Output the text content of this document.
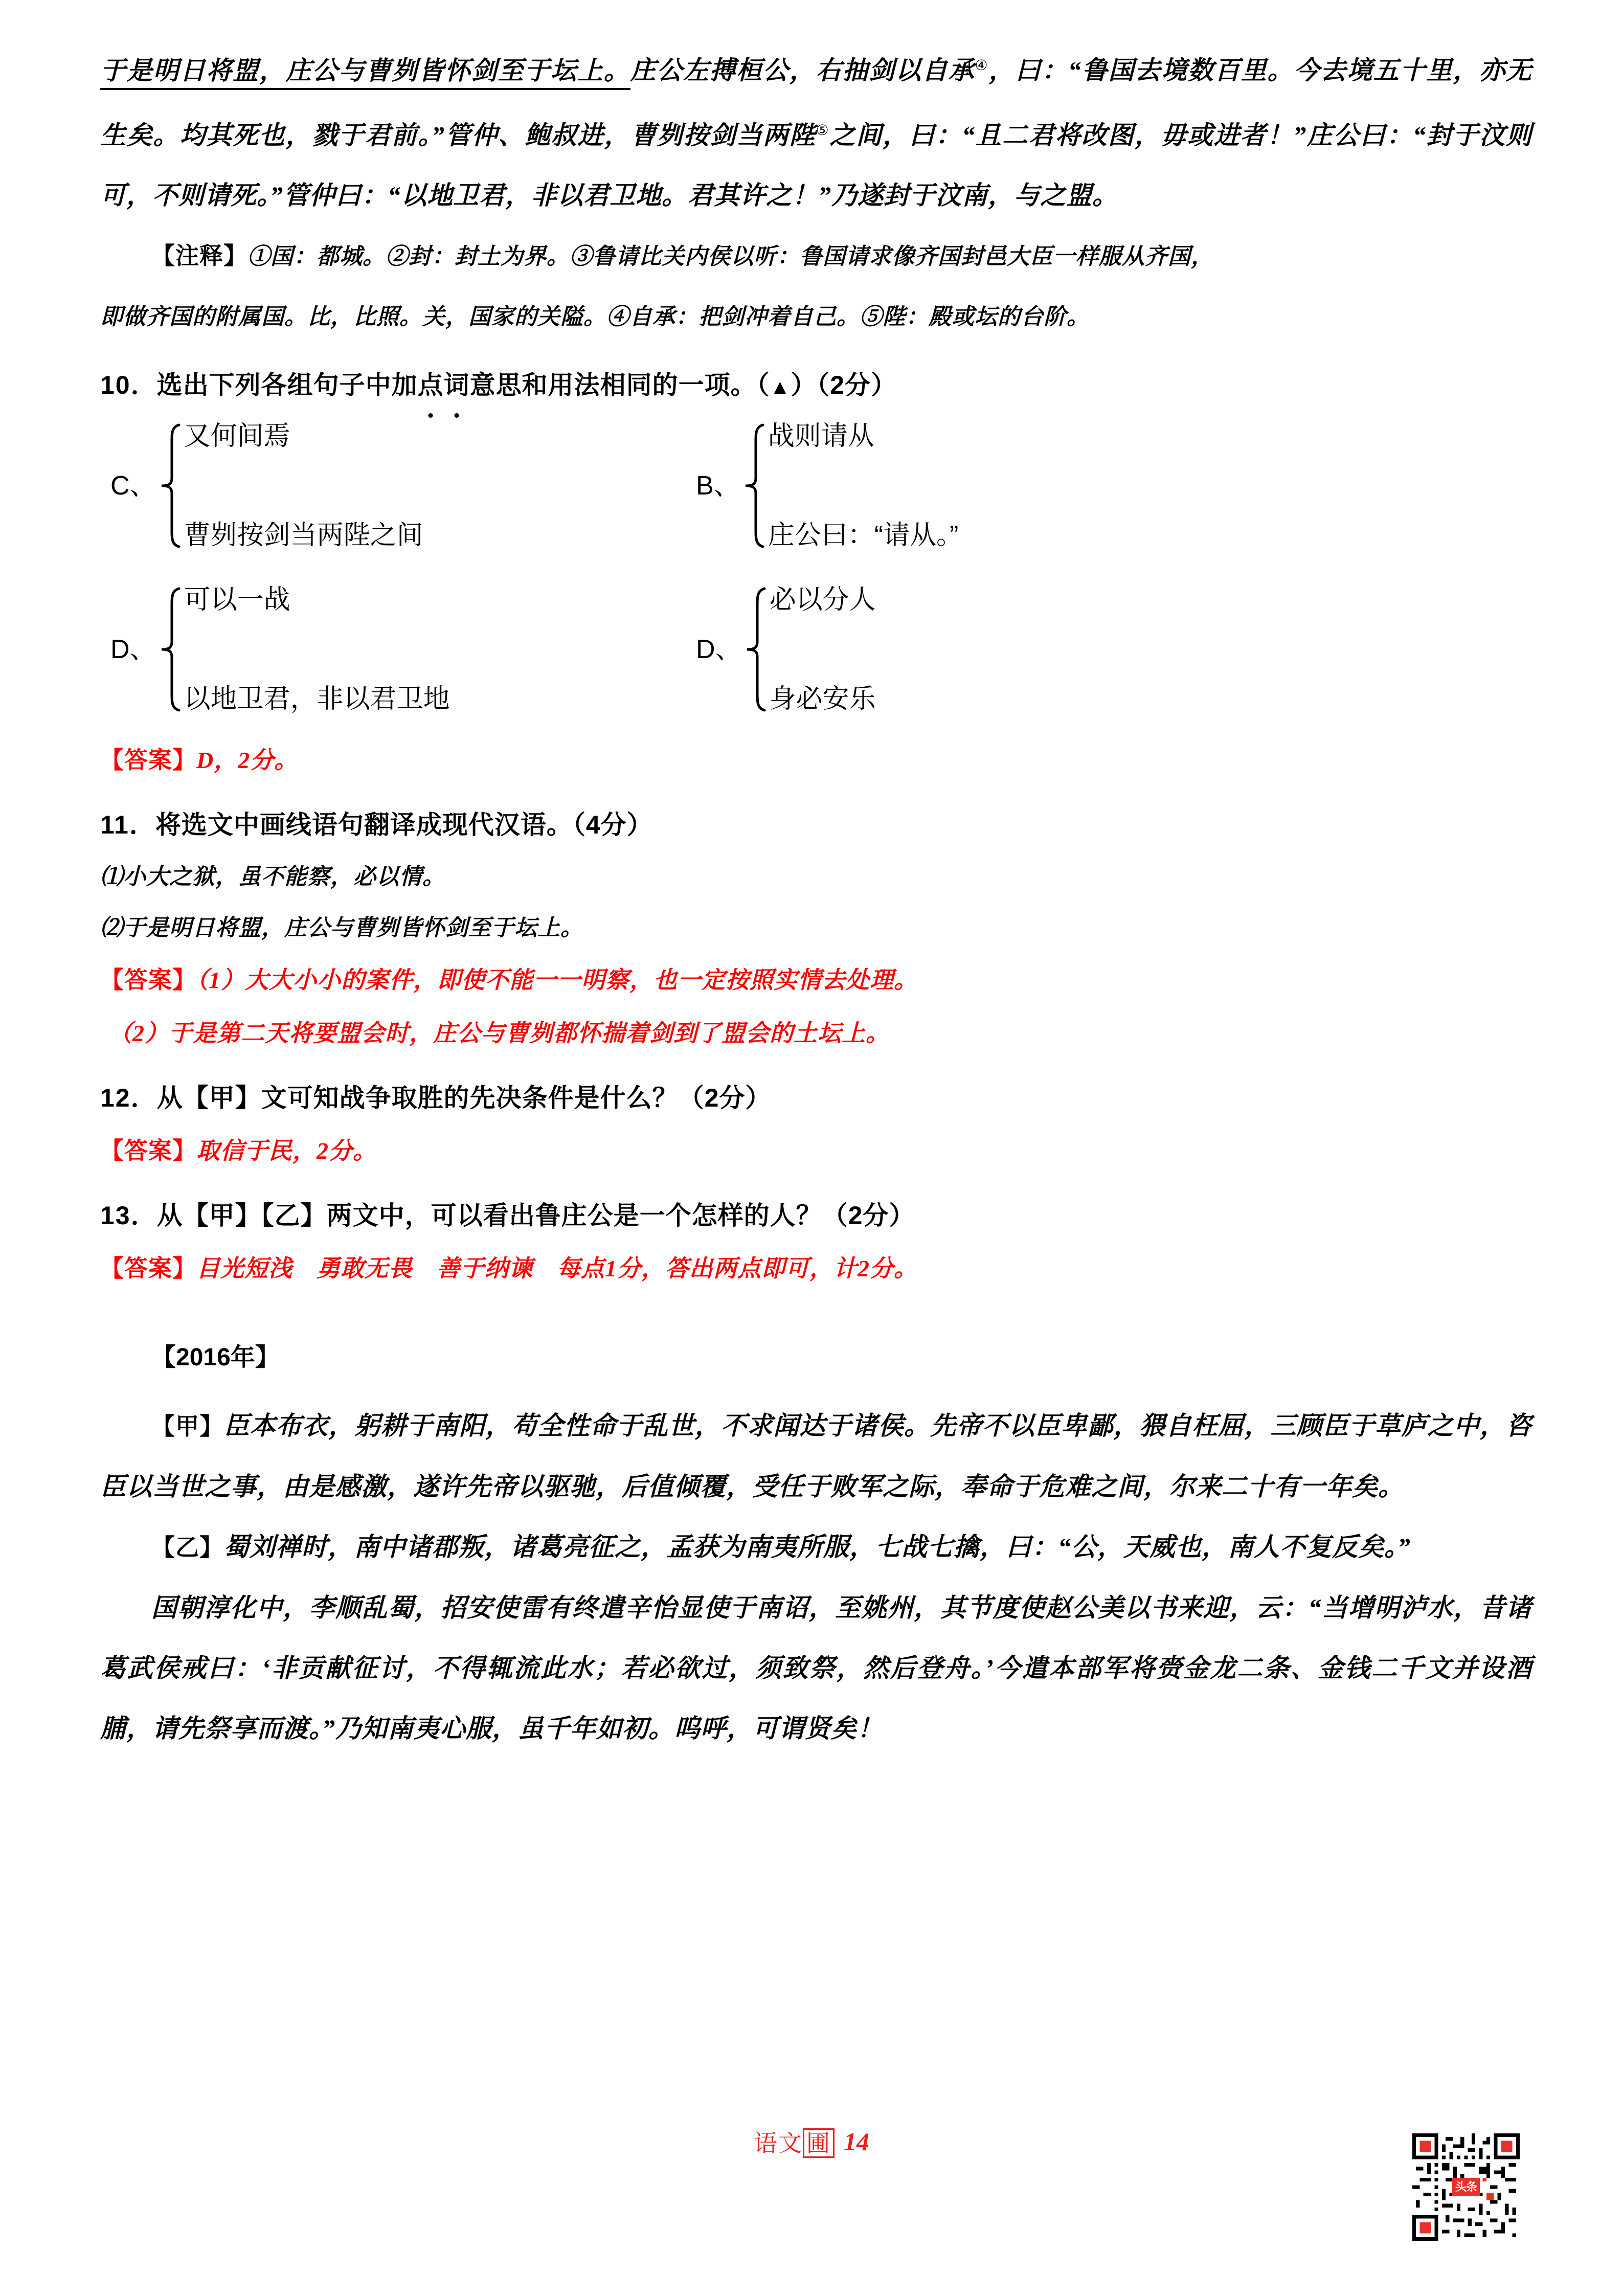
于是明日将盟，庄公与曹刿皆怀剑至于坛上。庄公左搏桓公，右抽剑以自承④，曰：“鲁国去境数百里。今去境五十里，亦无生矣。均其死也，戮于君前。”管仲、鲍叔进，曹刿按剑当两陛⑤之间，曰：“且二君将改图，毋或进者！”庄公曰：“封于汶则可，不则请死。”管仲曰：“以地卫君，非以君卫地。君其许之！”乃遂封于汶南，与之盟。

【注释】①国：都城。②封：封土为界。③鲁请比关内侯以听：鲁国请求像齐国封邑大臣一样服从齐国，

即做齐国的附属国。比，比照。关，国家的关隘。④自承：把剑冲着自己。⑤陛：殿或坛的台阶。

10．选出下列各组句子中加点词意思和用法相同的一项。（▲）（2分）

C、
又何间焉
曹刿按剑当两陛之间
B、
战则请从
庄公曰：“请从。”
D、
可以一战
以地卫君，非以君卫地
D、
必以分人
身必安乐

【答案】D，2分。

11．将选文中画线语句翻译成现代汉语。（4分）

⑴小大之狱，虽不能察，必以情。

⑵于是明日将盟，庄公与曹刿皆怀剑至于坛上。

【答案】（1）大大小小的案件，即使不能一一明察，也一定按照实情去处理。

（2）于是第二天将要盟会时，庄公与曹刿都怀揣着剑到了盟会的土坛上。

12．从【甲】文可知战争取胜的先决条件是什么？（2分）

【答案】取信于民，2分。

13．从【甲】【乙】两文中，可以看出鲁庄公是一个怎样的人？（2分）

【答案】目光短浅　勇敢无畏　善于纳谏　每点1分，答出两点即可，计2分。

【2016年】

【甲】臣本布衣，躬耕于南阳，苟全性命于乱世，不求闻达于诸侯。先帝不以臣卑鄙，猥自枉屈，三顾臣于草庐之中，咨臣以当世之事，由是感激，遂许先帝以驱驰，后值倾覆，受任于败军之际，奉命于危难之间，尔来二十有一年矣。

【乙】蜀刘禅时，南中诸郡叛，诸葛亮征之，孟获为南夷所服，七战七擒，曰：“公，天威也，南人不复反矣。”

国朝淳化中，李顺乱蜀，招安使雷有终遣辛怡显使于南诏，至姚州，其节度使赵公美以书来迎，云：“当增明泸水，昔诸葛武侯戒曰：‘非贡献征讨，不得辄流此水；若必欲过，须致祭，然后登舟。’今遣本部军将赍金龙二条、金钱二千文并设酒脯，请先祭享而渡。”乃知南夷心服，虽千年如初。呜呼，可谓贤矣！

语文 圃 14
头条
